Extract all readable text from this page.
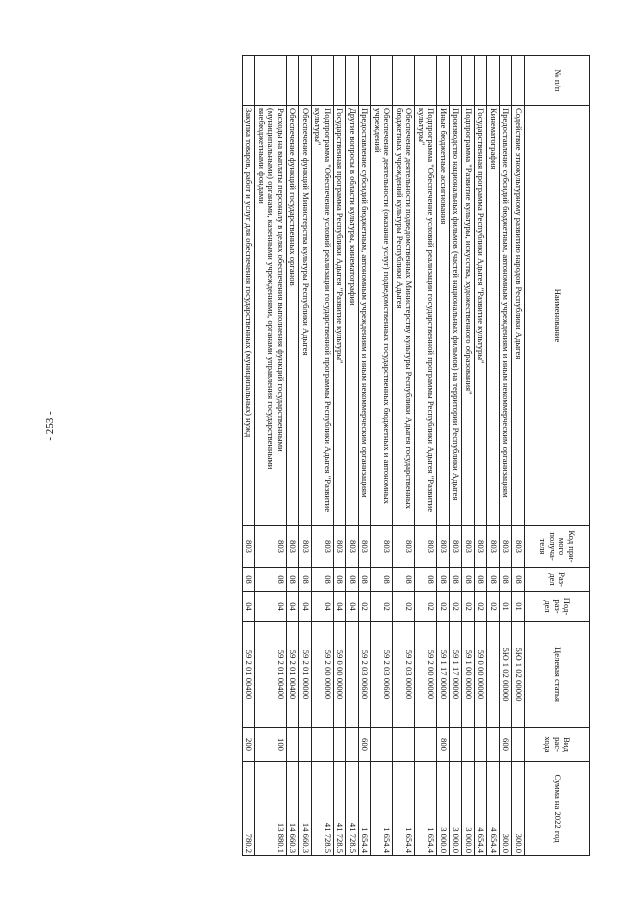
- 253 -
№ п/п	Наименование	Код при- мого получа- теля	Раз- дел	Под- раз- дел	Целевая статья	Вид рас- хода	Сумма на 2022 год
	Содействие этнокультурному развитию народов Республики Адыгея	803	08	01	5Ю 1 02 00000		300.0
	Предоставление субсидий бюджетным, автономным учреждениям и иным некоммерческим организациям	803	08	01	5Ю 1 02 00000	600	300.0
	Кинематография	803	08	02			4 654.4
	Государственная программа Республики Адыгея "Развитие культуры"	803	08	02	59 0 00 00000		4 654.4
	Подпрограмма "Развитие культуры, искусства, художественного образования"	803	08	02	59 1 00 00000		3 000.0
	Производство национальных фильмов (частей национальных фильмов) на территории Республики Адыгея	803	08	02	59 1 17 00000		3 000.0
	Иные бюджетные ассигнования	803	08	02	59 1 17 00000	800	3 000.0
	Подпрограмма "Обеспечение условий реализации государственной программы Республики Адыгея "Развитие культуры"	803	08	02	59 2 00 00000		1 654.4
	Обеспечение деятельности подведомственных Министерству культуры Республики Адыгея государственных бюджетных учреждений культуры Республики Адыгея	803	08	02	59 2 03 00000		1 654.4
	Обеспечение деятельности (оказание услуг) подведомственных государственных бюджетных и автономных учреждений	803	08	02	59 2 03 00600		1 654.4
	Предоставление субсидий бюджетным, автономным учреждениям и иным некоммерческим организациям	803	08	02	59 2 03 00600	600	1 654.4
	Другие вопросы в области культуры, кинематографии	803	08	04			41 728.5
	Государственная программа Республики Адыгея "Развитие культуры"	803	08	04	59 0 00 00000		41 728.5
	Подпрограмма "Обеспечение условий реализации государственной программы Республики Адыгея "Развитие культуры"	803	08	04	59 2 00 00000		41 728.5
	Обеспечение функций Министерства культуры Республики Адыгея	803	08	04	59 2 01 00000		14 660.3
	Обеспечение функций государственных органов	803	08	04	59 2 01 00400		14 660.3
	Расходы на выплаты персоналу в целях обеспечения выполнения функций государственными (муниципальными) органами, казенными учреждениями, органами управления государственными внебюджетными фондами	803	08	04	59 2 01 00400	100	13 880.1
	Закупка товаров, работ и услуг для обеспечения государственных (муниципальных) нужд	803	08	04	59 2 01 00400	200	780.2
